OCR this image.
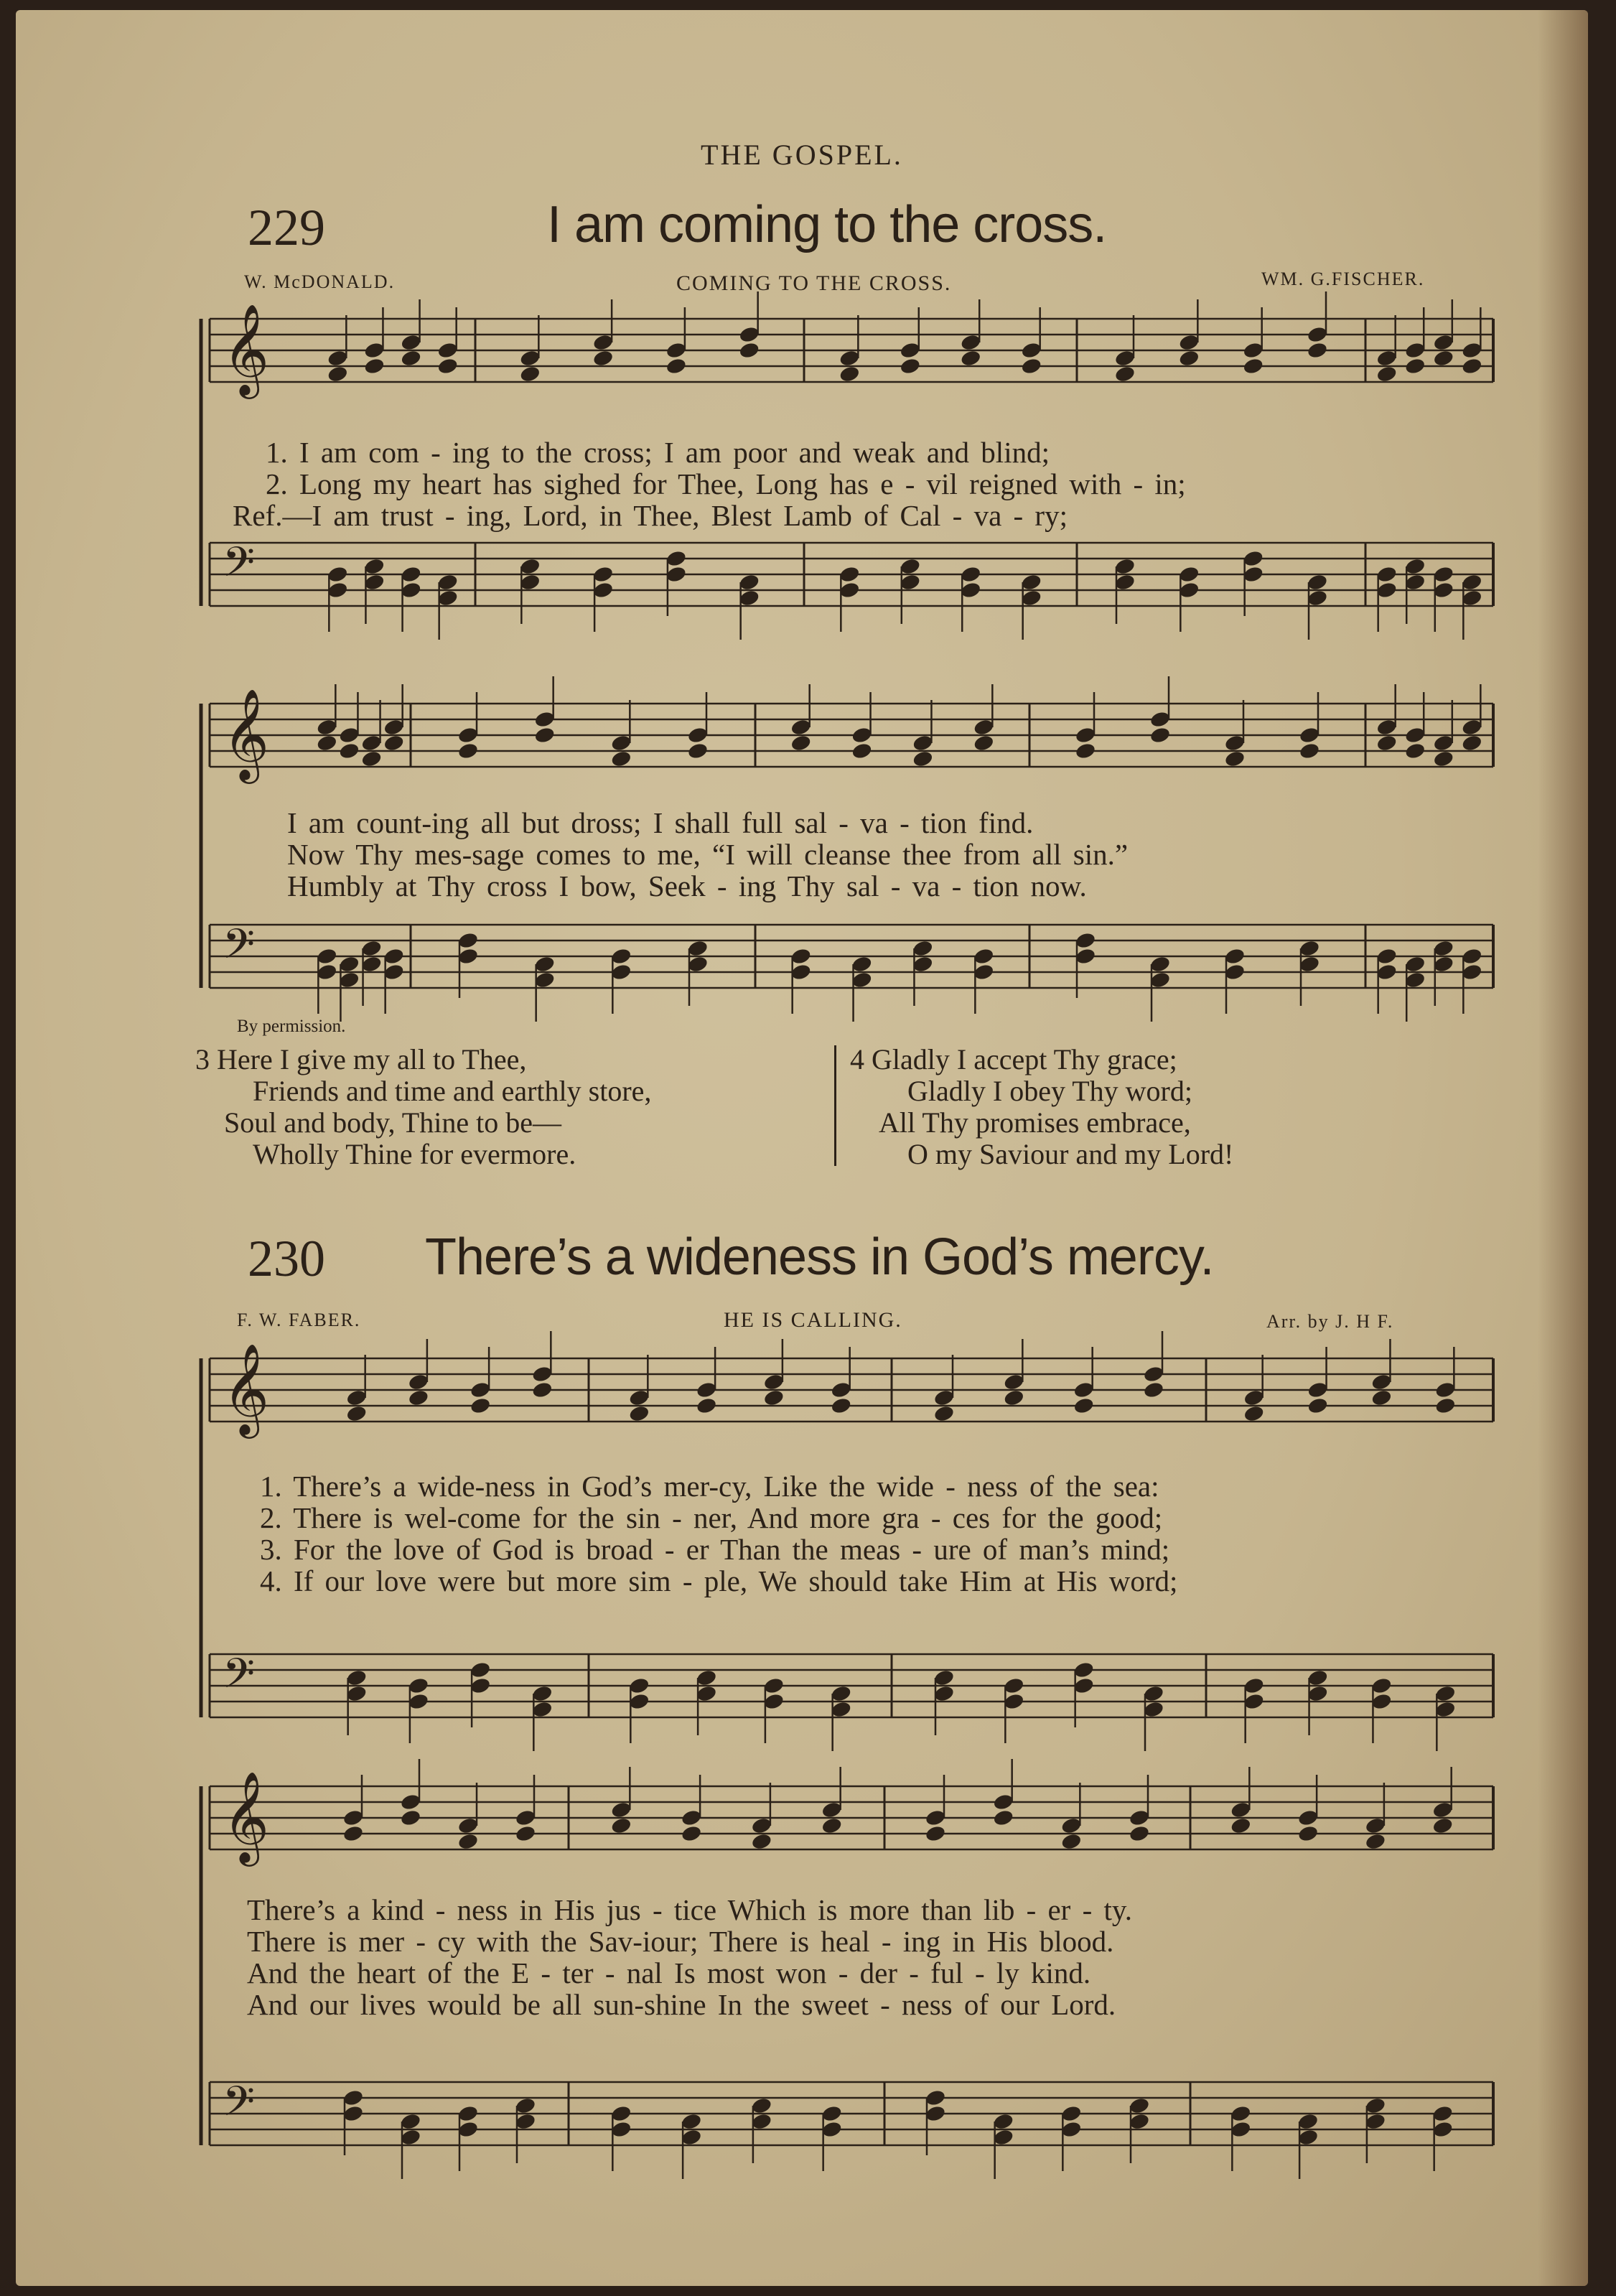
THE GOSPEL.
229	I am coming to the cross.
W. McDONALD.	COMING TO THE CROSS.	WM. G.FISCHER.
𝄞
𝄢
𝄞
𝄢
𝄞
𝄢
𝄞
𝄢
1. I am com - ing to the cross; I am poor and weak and blind;
2. Long my heart has sighed for Thee, Long has e - vil reigned with - in;
Ref.—I am trust - ing, Lord, in Thee, Blest Lamb of Cal - va - ry;
I am count-ing all but dross; I shall full sal - va - tion find.
Now Thy mes-sage comes to me, “I will cleanse thee from all sin.”
Humbly at Thy cross I bow, Seek - ing Thy sal - va - tion now.
By permission.
3 Here I give my all to Thee,
Friends and time and earthly store,
Soul and body, Thine to be—
Wholly Thine for evermore.
4 Gladly I accept Thy grace;
Gladly I obey Thy word;
All Thy promises embrace,
O my Saviour and my Lord!
230 There’s a wideness in God’s mercy.
F. W. FABER.	HE IS CALLING.	Arr. by J. H F.
1. There’s a wide-ness in God’s mer-cy, Like the wide - ness of the sea:
2. There is wel-come for the sin - ner, And more gra - ces for the good;
3. For the love of God is broad - er Than the meas - ure of man’s mind;
4. If our love were but more sim - ple, We should take Him at His word;
There’s a kind - ness in His jus - tice Which is more than lib - er - ty.
There is mer - cy with the Sav-iour; There is heal - ing in His blood.
And the heart of the E - ter - nal Is most won - der - ful - ly kind.
And our lives would be all sun-shine In the sweet - ness of our Lord.
